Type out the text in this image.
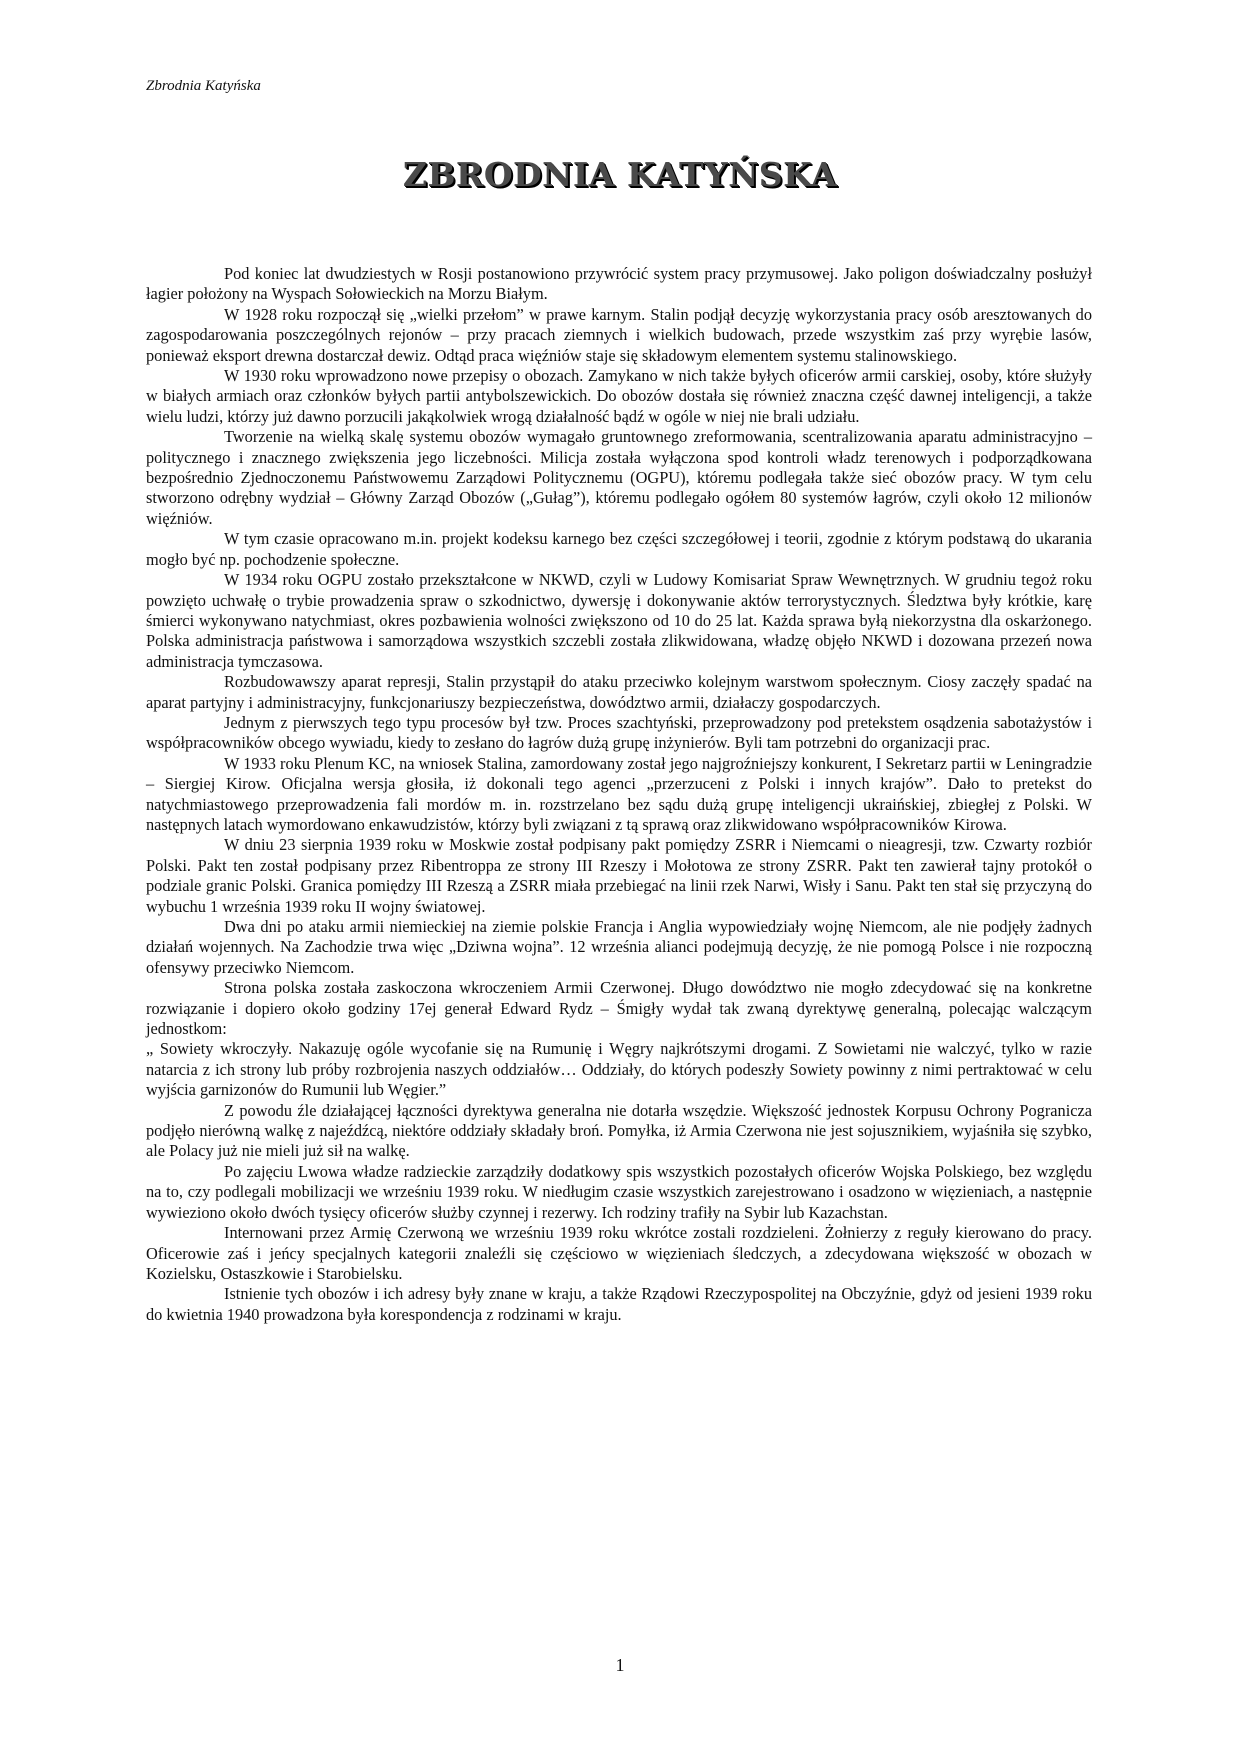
Zbrodnia Katyńska
ZBRODNIA KATYŃSKA

Pod koniec lat dwudziestych w Rosji postanowiono przywrócić system pracy przymusowej. Jako poligon doświadczalny posłużył łagier położony na Wyspach Sołowieckich na Morzu Białym.

W 1928 roku rozpoczął się „wielki przełom” w prawe karnym. Stalin podjął decyzję wykorzystania pracy osób aresztowanych do zagospodarowania poszczególnych rejonów – przy pracach ziemnych i wielkich budowach, przede wszystkim zaś przy wyrębie lasów, ponieważ eksport drewna dostarczał dewiz. Odtąd praca więźniów staje się składowym elementem systemu stalinowskiego.

W 1930 roku wprowadzono nowe przepisy o obozach. Zamykano w nich także byłych oficerów armii carskiej, osoby, które służyły w białych armiach oraz członków byłych partii antybolszewickich. Do obozów dostała się również znaczna część dawnej inteligencji, a także wielu ludzi, którzy już dawno porzucili jakąkolwiek wrogą działalność bądź w ogóle w niej nie brali udziału.

Tworzenie na wielką skalę systemu obozów wymagało gruntownego zreformowania, scentralizowania aparatu administracyjno – politycznego i znacznego zwiększenia jego liczebności. Milicja została wyłączona spod kontroli władz terenowych i podporządkowana bezpośrednio Zjednoczonemu Państwowemu Zarządowi Politycznemu (OGPU), któremu podlegała także sieć obozów pracy. W tym celu stworzono odrębny wydział – Główny Zarząd Obozów („Gułag”), któremu podlegało ogółem 80 systemów łagrów, czyli około 12 milionów więźniów.

W tym czasie opracowano m.in. projekt kodeksu karnego bez części szczegółowej i teorii, zgodnie z którym podstawą do ukarania mogło być np. pochodzenie społeczne.

W 1934 roku OGPU zostało przekształcone w NKWD, czyli w Ludowy Komisariat Spraw Wewnętrznych. W grudniu tegoż roku powzięto uchwałę o trybie prowadzenia spraw o szkodnictwo, dywersję i dokonywanie aktów terrorystycznych. Śledztwa były krótkie, karę śmierci wykonywano natychmiast, okres pozbawienia wolności zwiększono od 10 do 25 lat. Każda sprawa byłą niekorzystna dla oskarżonego. Polska administracja państwowa i samorządowa wszystkich szczebli została zlikwidowana, władzę objęło NKWD i dozowana przezeń nowa administracja tymczasowa.

Rozbudowawszy aparat represji, Stalin przystąpił do ataku przeciwko kolejnym warstwom społecznym. Ciosy zaczęły spadać na aparat partyjny i administracyjny, funkcjonariuszy bezpieczeństwa, dowództwo armii, działaczy gospodarczych.

Jednym z pierwszych tego typu procesów był tzw. Proces szachtyński, przeprowadzony pod pretekstem osądzenia sabotażystów i współpracowników obcego wywiadu, kiedy to zesłano do łagrów dużą grupę inżynierów. Byli tam potrzebni do organizacji prac.

W 1933 roku Plenum KC, na wniosek Stalina, zamordowany został jego najgroźniejszy konkurent, I Sekretarz partii w Leningradzie – Siergiej Kirow. Oficjalna wersja głosiła, iż dokonali tego agenci „przerzuceni z Polski i innych krajów”. Dało to pretekst do natychmiastowego przeprowadzenia fali mordów m. in. rozstrzelano bez sądu dużą grupę inteligencji ukraińskiej, zbiegłej z Polski. W następnych latach wymordowano enkawudzistów, którzy byli związani z tą sprawą oraz zlikwidowano współpracowników Kirowa.

W dniu 23 sierpnia 1939 roku w Moskwie został podpisany pakt pomiędzy ZSRR i Niemcami o nieagresji, tzw. Czwarty rozbiór Polski. Pakt ten został podpisany przez Ribentroppa ze strony III Rzeszy i Mołotowa ze strony ZSRR. Pakt ten zawierał tajny protokół o podziale granic Polski. Granica pomiędzy III Rzeszą a ZSRR miała przebiegać na linii rzek Narwi, Wisły i Sanu. Pakt ten stał się przyczyną do wybuchu 1 września 1939 roku II wojny światowej.

Dwa dni po ataku armii niemieckiej na ziemie polskie Francja i Anglia wypowiedziały wojnę Niemcom, ale nie podjęły żadnych działań wojennych. Na Zachodzie trwa więc „Dziwna wojna”. 12 września alianci podejmują decyzję, że nie pomogą Polsce i nie rozpoczną ofensywy przeciwko Niemcom.

Strona polska została zaskoczona wkroczeniem Armii Czerwonej. Długo dowództwo nie mogło zdecydować się na konkretne rozwiązanie i dopiero około godziny 17ej generał Edward Rydz – Śmigły wydał tak zwaną dyrektywę generalną, polecając walczącym jednostkom:

„ Sowiety wkroczyły. Nakazuję ogóle wycofanie się na Rumunię i Węgry najkrótszymi drogami. Z Sowietami nie walczyć, tylko w razie natarcia z ich strony lub próby rozbrojenia naszych oddziałów… Oddziały, do których podeszły Sowiety powinny z nimi pertraktować w celu wyjścia garnizonów do Rumunii lub Węgier.”

Z powodu źle działającej łączności dyrektywa generalna nie dotarła wszędzie. Większość jednostek Korpusu Ochrony Pogranicza podjęło nierówną walkę z najeźdźcą, niektóre oddziały składały broń. Pomyłka, iż Armia Czerwona nie jest sojusznikiem, wyjaśniła się szybko, ale Polacy już nie mieli już sił na walkę.

Po zajęciu Lwowa władze radzieckie zarządziły dodatkowy spis wszystkich pozostałych oficerów Wojska Polskiego, bez względu na to, czy podlegali mobilizacji we wrześniu 1939 roku. W niedługim czasie wszystkich zarejestrowano i osadzono w więzieniach, a następnie wywieziono około dwóch tysięcy oficerów służby czynnej i rezerwy. Ich rodziny trafiły na Sybir lub Kazachstan.

Internowani przez Armię Czerwoną we wrześniu 1939 roku wkrótce zostali rozdzieleni. Żołnierzy z reguły kierowano do pracy. Oficerowie zaś i jeńcy specjalnych kategorii znaleźli się częściowo w więzieniach śledczych, a zdecydowana większość w obozach w Kozielsku, Ostaszkowie i Starobielsku.

Istnienie tych obozów i ich adresy były znane w kraju, a także Rządowi Rzeczypospolitej na Obczyźnie, gdyż od jesieni 1939 roku do kwietnia 1940 prowadzona była korespondencja z rodzinami w kraju.

1
